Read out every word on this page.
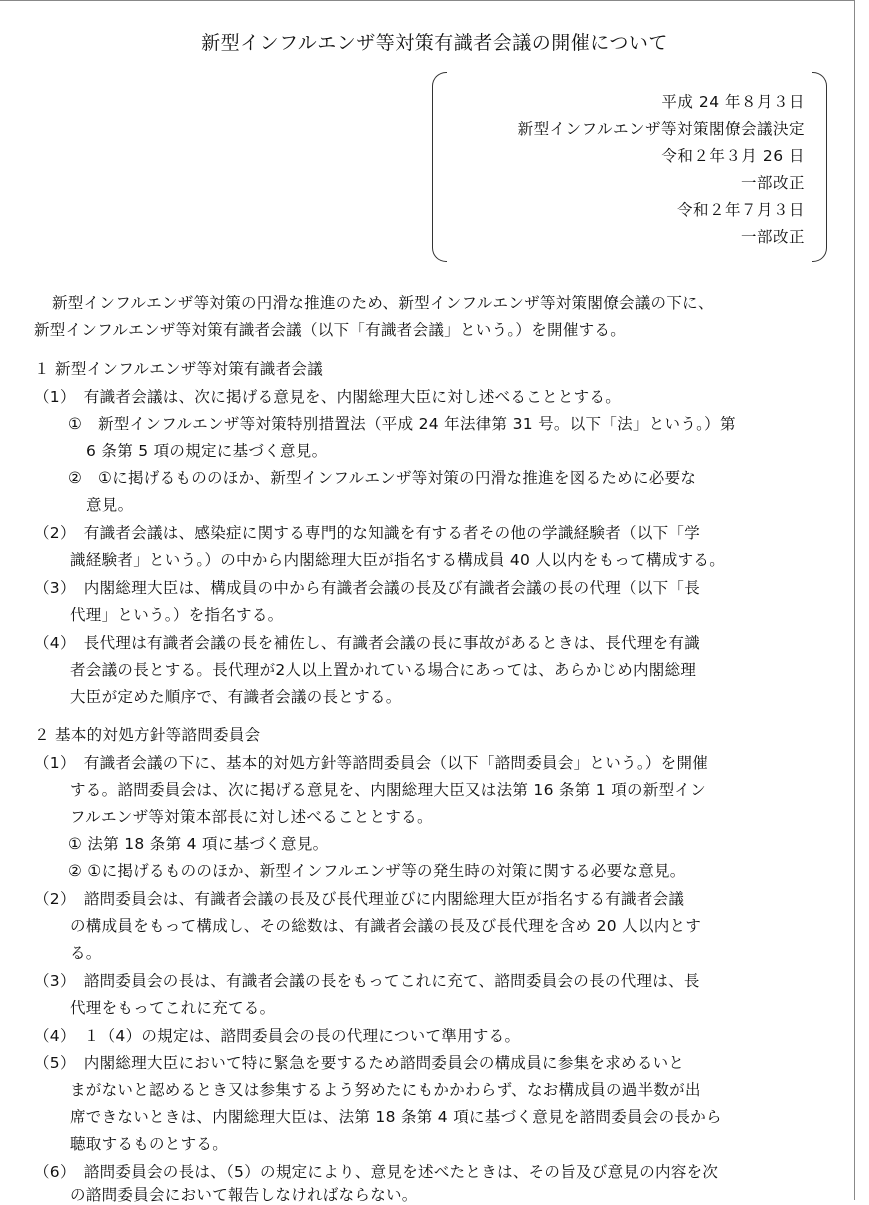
新型インフルエンザ等対策有識者会議の開催について
平成 24 年８月３日
新型インフルエンザ等対策閣僚会議決定
令和２年３月 26 日
一部改正
令和２年７月３日
一部改正
新型インフルエンザ等対策の円滑な推進のため、新型インフルエンザ等対策閣僚会議の下に、
新型インフルエンザ等対策有識者会議（以下「有識者会議」という。）を開催する。
１ 新型インフルエンザ等対策有識者会議
（1）　有識者会議は、次に掲げる意見を、内閣総理大臣に対し述べることとする。
①　新型インフルエンザ等対策特別措置法（平成 24 年法律第 31 号。以下「法」という。）第
6 条第 5 項の規定に基づく意見。
②　①に掲げるもののほか、新型インフルエンザ等対策の円滑な推進を図るために必要な
意見。
（2）　有識者会議は、感染症に関する専門的な知識を有する者その他の学識経験者（以下「学
識経験者」という。）の中から内閣総理大臣が指名する構成員 40 人以内をもって構成する。
（3）　内閣総理大臣は、構成員の中から有識者会議の長及び有識者会議の長の代理（以下「長
代理」という。）を指名する。
（4）　長代理は有識者会議の長を補佐し、有識者会議の長に事故があるときは、長代理を有識
者会議の長とする。長代理が2人以上置かれている場合にあっては、あらかじめ内閣総理
大臣が定めた順序で、有識者会議の長とする。
２ 基本的対処方針等諮問委員会
（1）　有識者会議の下に、基本的対処方針等諮問委員会（以下「諮問委員会」という。）を開催
する。諮問委員会は、次に掲げる意見を、内閣総理大臣又は法第 16 条第 1 項の新型イン
フルエンザ等対策本部長に対し述べることとする。
① 法第 18 条第 4 項に基づく意見。
② ①に掲げるもののほか、新型インフルエンザ等の発生時の対策に関する必要な意見。
（2）　諮問委員会は、有識者会議の長及び長代理並びに内閣総理大臣が指名する有識者会議
の構成員をもって構成し、その総数は、有識者会議の長及び長代理を含め 20 人以内とす
る。
（3）　諮問委員会の長は、有識者会議の長をもってこれに充て、諮問委員会の長の代理は、長
代理をもってこれに充てる。
（4）　１（4）の規定は、諮問委員会の長の代理について準用する。
（5）　内閣総理大臣において特に緊急を要するため諮問委員会の構成員に参集を求めるいと
まがないと認めるとき又は参集するよう努めたにもかかわらず、なお構成員の過半数が出
席できないときは、内閣総理大臣は、法第 18 条第 4 項に基づく意見を諮問委員会の長から
聴取するものとする。
（6）　諮問委員会の長は、（5）の規定により、意見を述べたときは、その旨及び意見の内容を次
の諮問委員会において報告しなければならない。
